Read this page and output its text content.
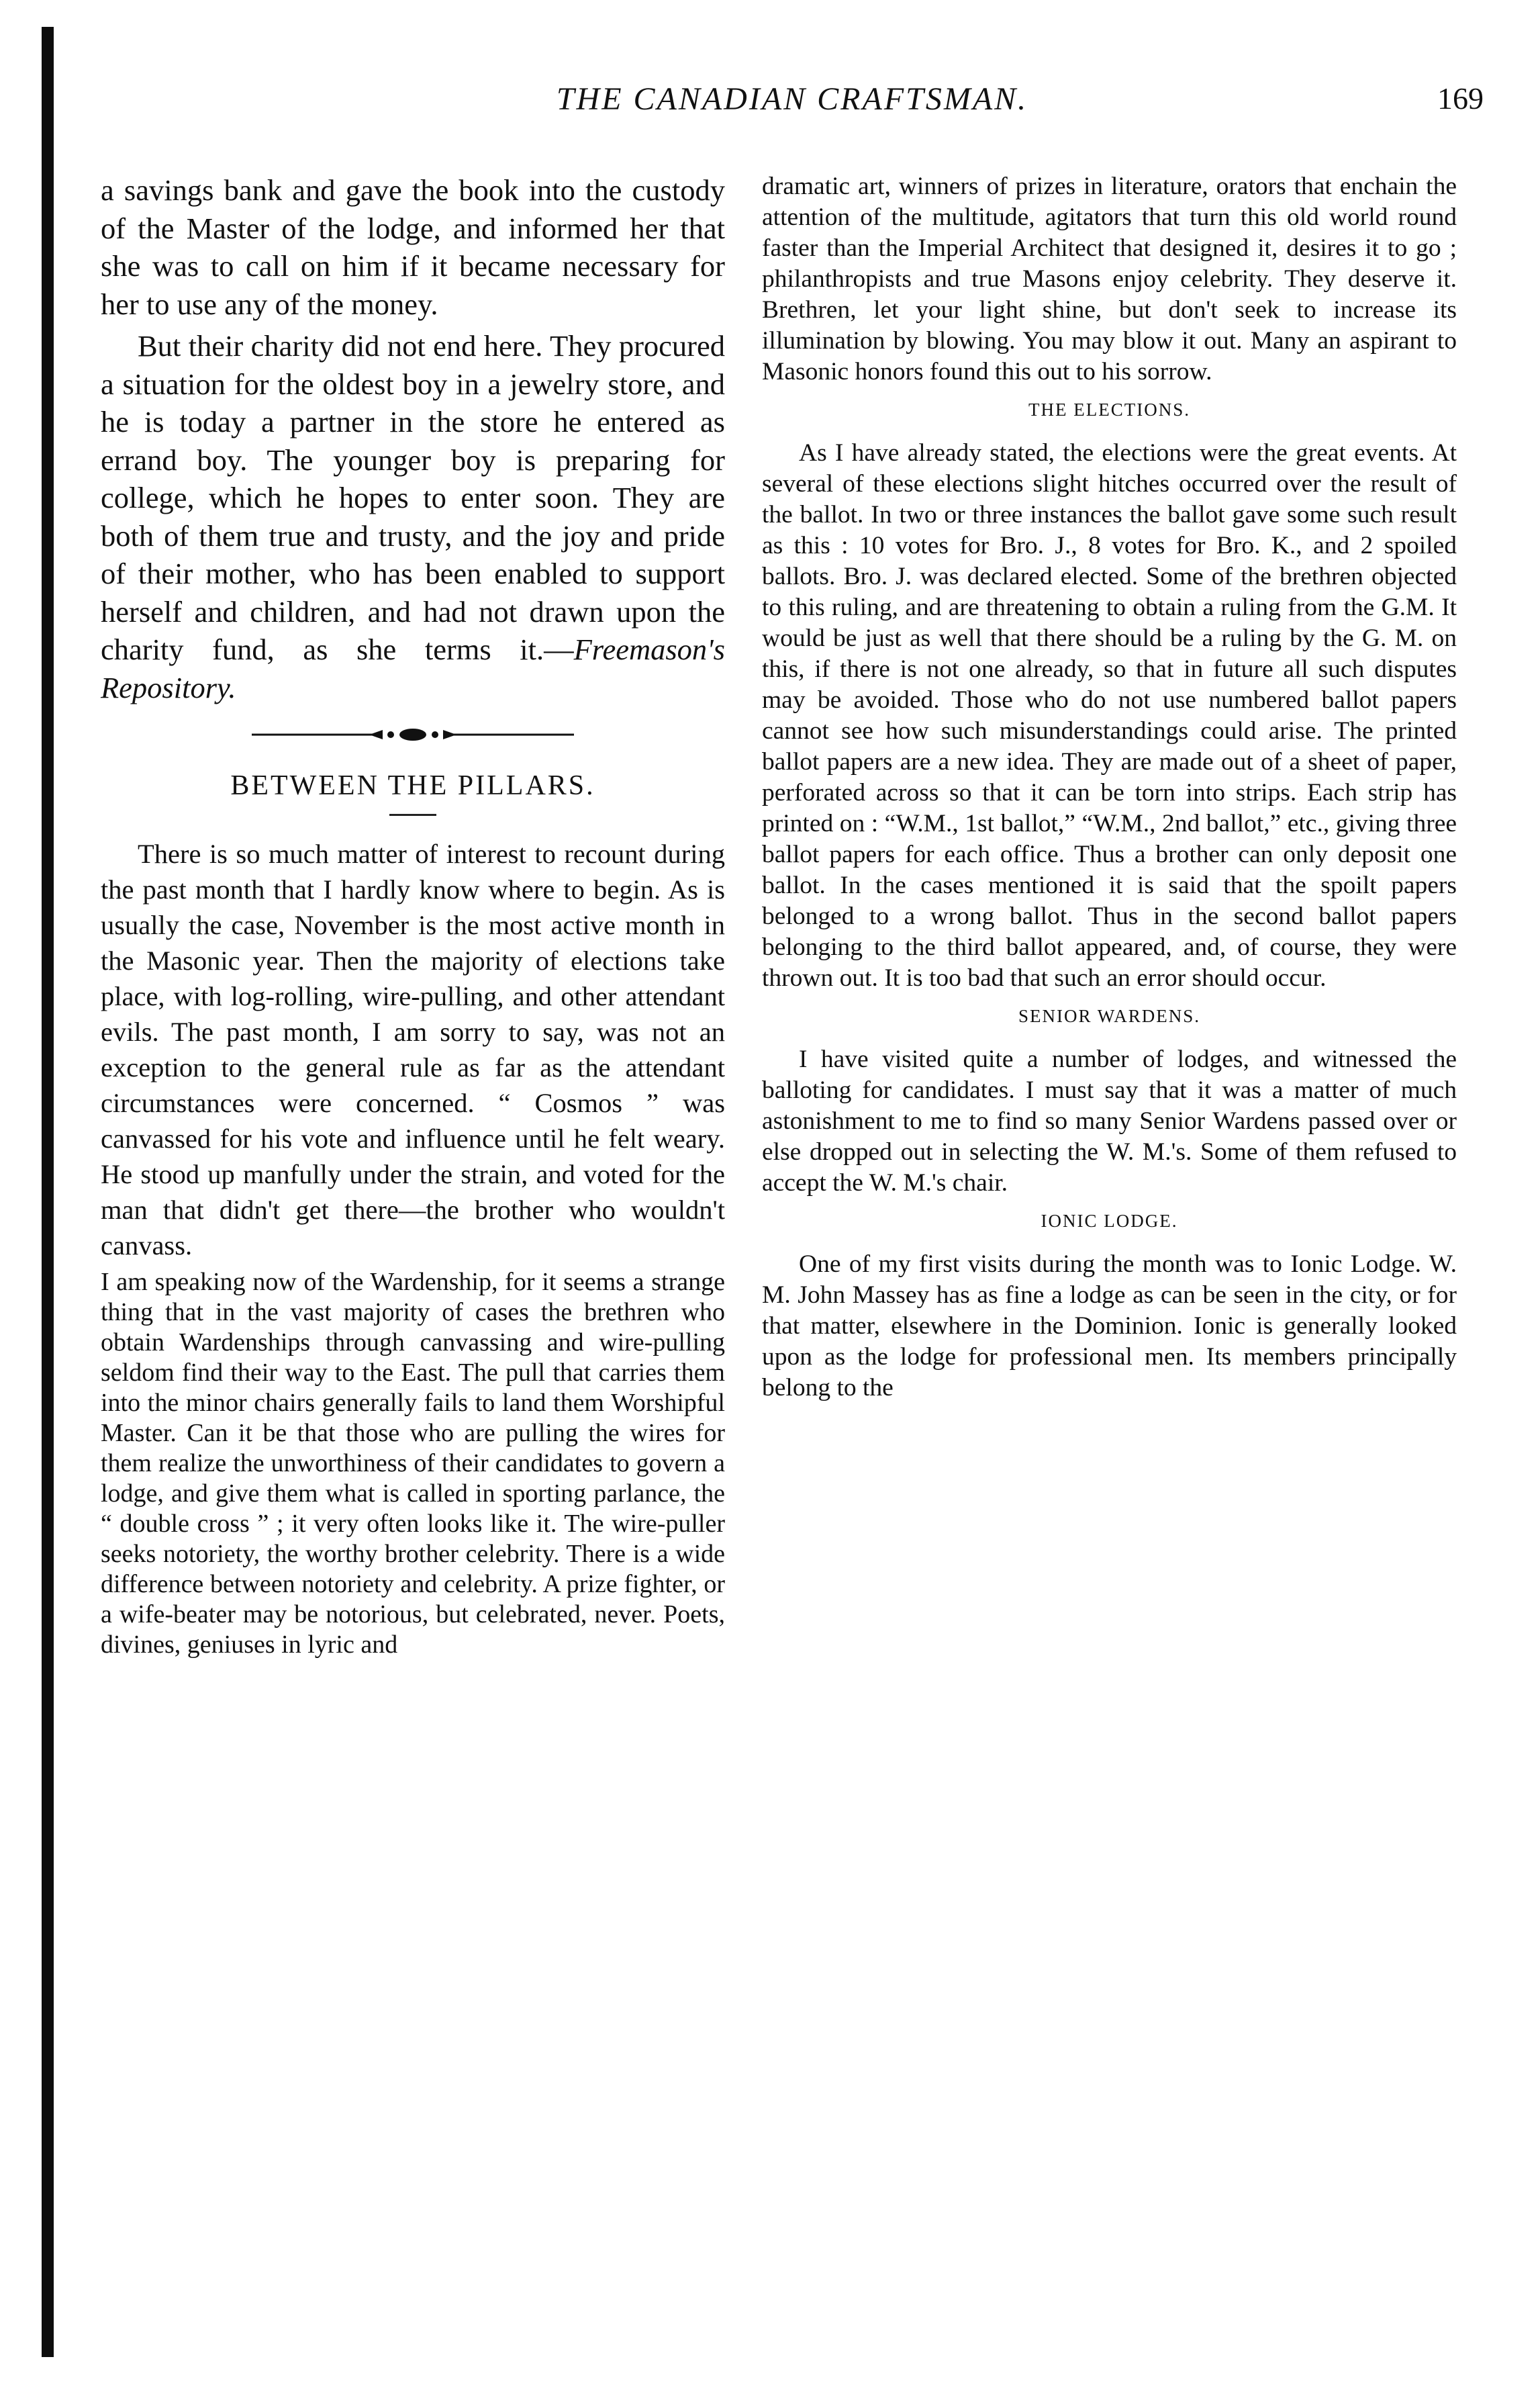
THE CANADIAN CRAFTSMAN.	169

a savings bank and gave the book into the custody of the Master of the lodge, and informed her that she was to call on him if it became necessary for her to use any of the money.

But their charity did not end here. They procured a situation for the oldest boy in a jewelry store, and he is today a partner in the store he entered as errand boy. The younger boy is preparing for college, which he hopes to enter soon. They are both of them true and trusty, and the joy and pride of their mother, who has been enabled to support herself and children, and had not drawn upon the charity fund, as she terms it.—Freemason's Repository.

BETWEEN THE PILLARS.

There is so much matter of interest to recount during the past month that I hardly know where to begin. As is usually the case, November is the most active month in the Masonic year. Then the majority of elections take place, with log-rolling, wire-pulling, and other attendant evils. The past month, I am sorry to say, was not an exception to the general rule as far as the attendant circumstances were concerned. “ Cosmos ” was canvassed for his vote and influence until he felt weary. He stood up manfully under the strain, and voted for the man that didn't get there—the brother who wouldn't canvass.

I am speaking now of the Wardenship, for it seems a strange thing that in the vast majority of cases the brethren who obtain Wardenships through canvassing and wire-pulling seldom find their way to the East. The pull that carries them into the minor chairs generally fails to land them Worshipful Master. Can it be that those who are pulling the wires for them realize the unworthiness of their candidates to govern a lodge, and give them what is called in sporting parlance, the “ double cross ” ; it very often looks like it. The wire-puller seeks notoriety, the worthy brother celebrity. There is a wide difference between notoriety and celebrity. A prize fighter, or a wife-beater may be notorious, but celebrated, never. Poets, divines, geniuses in lyric and

dramatic art, winners of prizes in literature, orators that enchain the attention of the multitude, agitators that turn this old world round faster than the Imperial Architect that designed it, desires it to go ; philanthropists and true Masons enjoy celebrity. They deserve it. Brethren, let your light shine, but don't seek to increase its illumination by blowing. You may blow it out. Many an aspirant to Masonic honors found this out to his sorrow.

THE ELECTIONS.

As I have already stated, the elections were the great events. At several of these elections slight hitches occurred over the result of the ballot. In two or three instances the ballot gave some such result as this : 10 votes for Bro. J., 8 votes for Bro. K., and 2 spoiled ballots. Bro. J. was declared elected. Some of the brethren objected to this ruling, and are threatening to obtain a ruling from the G.M. It would be just as well that there should be a ruling by the G. M. on this, if there is not one already, so that in future all such disputes may be avoided. Those who do not use numbered ballot papers cannot see how such misunderstandings could arise. The printed ballot papers are a new idea. They are made out of a sheet of paper, perforated across so that it can be torn into strips. Each strip has printed on : “W.M., 1st ballot,” “W.M., 2nd ballot,” etc., giving three ballot papers for each office. Thus a brother can only deposit one ballot. In the cases mentioned it is said that the spoilt papers belonged to a wrong ballot. Thus in the second ballot papers belonging to the third ballot appeared, and, of course, they were thrown out. It is too bad that such an error should occur.

SENIOR WARDENS.

I have visited quite a number of lodges, and witnessed the balloting for candidates. I must say that it was a matter of much astonishment to me to find so many Senior Wardens passed over or else dropped out in selecting the W. M.'s. Some of them refused to accept the W. M.'s chair.

IONIC LODGE.

One of my first visits during the month was to Ionic Lodge. W. M. John Massey has as fine a lodge as can be seen in the city, or for that matter, elsewhere in the Dominion. Ionic is generally looked upon as the lodge for professional men. Its members principally belong to the
